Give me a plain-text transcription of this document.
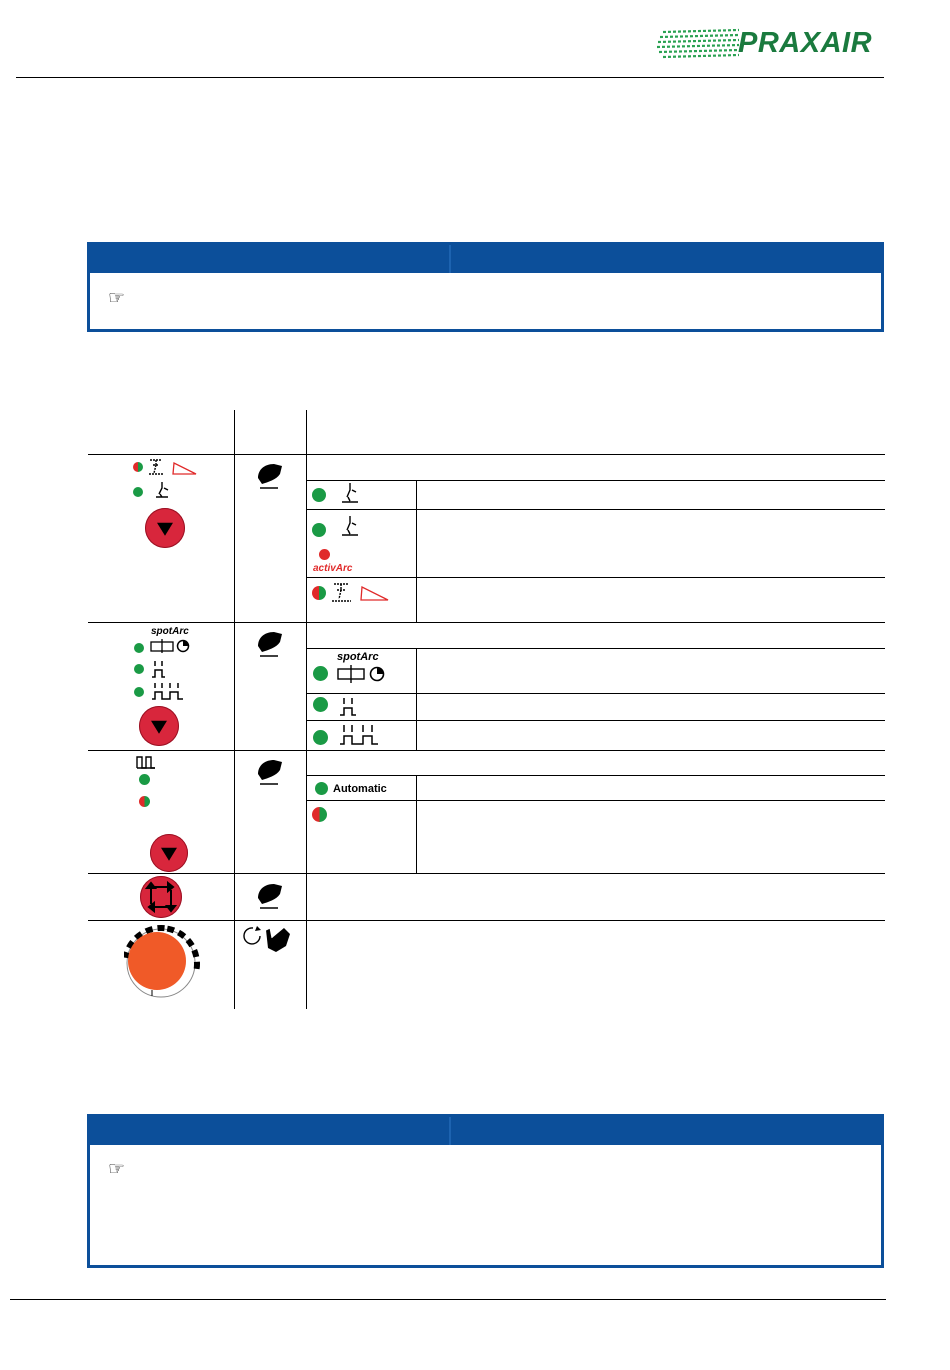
PRAXAIR
☞
activArc
spotArc
spotArc
Automatic
☞
